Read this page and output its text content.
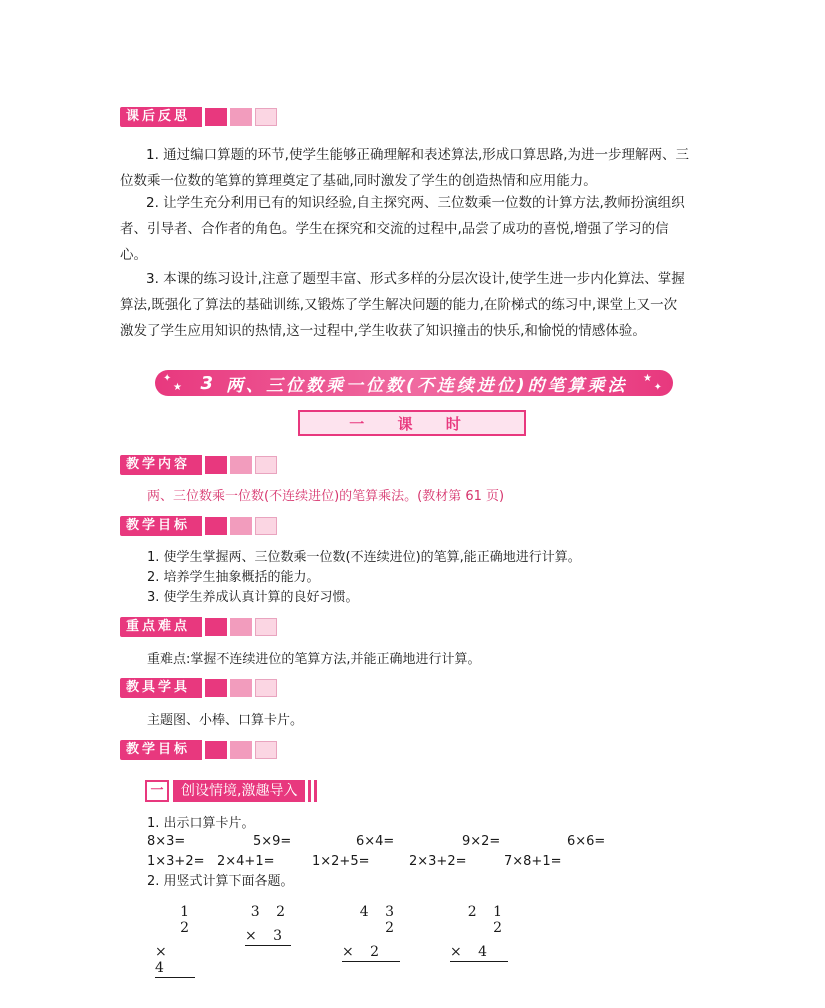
课后反思
1. 通过编口算题的环节,使学生能够正确理解和表述算法,形成口算思路,为进一步理解两、三
位数乘一位数的笔算的算理奠定了基础,同时激发了学生的创造热情和应用能力。
2. 让学生充分利用已有的知识经验,自主探究两、三位数乘一位数的计算方法,教师扮演组织
者、引导者、合作者的角色。学生在探究和交流的过程中,品尝了成功的喜悦,增强了学习的信
心。
3. 本课的练习设计,注意了题型丰富、形式多样的分层次设计,使学生进一步内化算法、掌握
算法,既强化了算法的基础训练,又锻炼了学生解决问题的能力,在阶梯式的练习中,课堂上又一次
激发了学生应用知识的热情,这一过程中,学生收获了知识撞击的快乐,和愉悦的情感体验。
✦
★ 3 两、三位数乘一位数(不连续进位)的笔算乘法 ★
✦
一 课 时
教学内容
两、三位数乘一位数(不连续进位)的笔算乘法。(教材第 61 页)
教学目标
1. 使学生掌握两、三位数乘一位数(不连续进位)的笔算,能正确地进行计算。
2. 培养学生抽象概括的能力。
3. 使学生养成认真计算的良好习惯。
重点难点
重难点:掌握不连续进位的笔算方法,并能正确地进行计算。
教具学具
主题图、小棒、口算卡片。
教学目标
一	创设情境,激趣导入
1. 出示口算卡片。
8×3=	5×9=	6×4=	9×2=	6×6=
1×3+2= 2×4+1=	1×2+5=	2×3+2=	7×8+1=
2. 用竖式计算下面各题。
1 2
× 4
3 2
× 3
4 3 2
× 2
2 1 2
× 4
